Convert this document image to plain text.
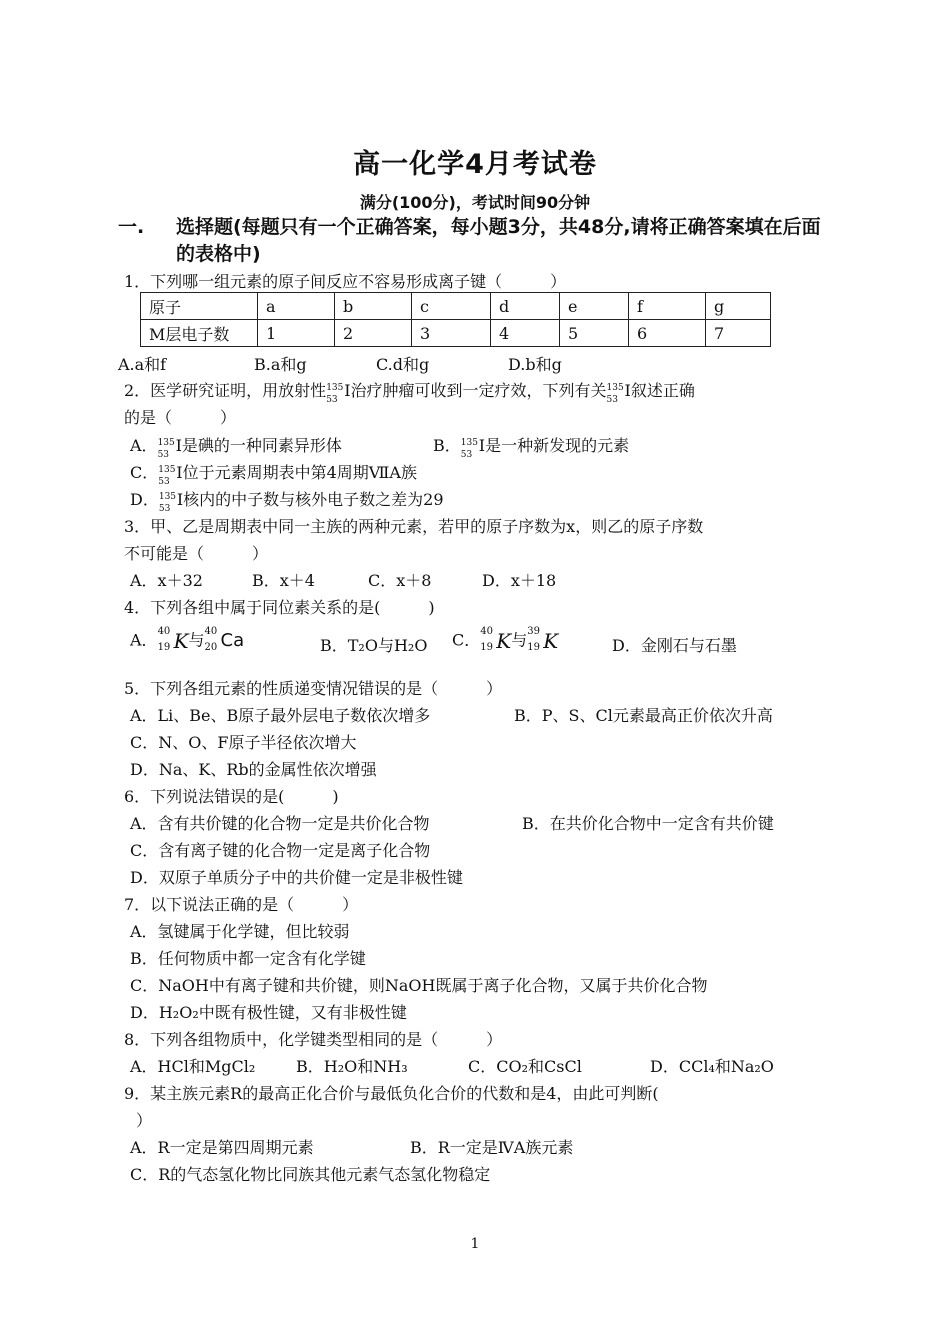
高一化学4月考试卷
满分(100分)，考试时间90分钟
一. 选择题(每题只有一个正确答案，每小题3分，共48分,请将正确答案填在后面的表格中)
1．下列哪一组元素的原子间反应不容易形成离子键（　　　）
原子	a	b	c	d	e	f	g
M层电子数	1	2	3	4	5	6	7
A.a和f	B.a和g	C.d和g	D.b和g
2．医学研究证明，用放射性 135
53 I治疗肿瘤可收到一定疗效，下列有关 135
53 I叙述正确
的是（　　　）
A． 135
53 I是碘的一种同素异形体	B． 135
53 I是一种新发现的元素
C． 135
53 I位于元素周期表中第4周期ⅦA族
D． 135
53 I核内的中子数与核外电子数之差为29
3．甲、乙是周期表中同一主族的两种元素，若甲的原子序数为x，则乙的原子序数
不可能是（　　　）
A．x＋32	B．x＋4	C．x＋8	D．x＋18
4．下列各组中属于同位素关系的是(　　　)
A． 40
19 K与 40
20 Ca	B．T₂O与H₂O C． 40
19 K与 39
19 K	D．金刚石与石墨
5．下列各组元素的性质递变情况错误的是（　　　）
A．Li、Be、B原子最外层电子数依次增多	B．P、S、Cl元素最高正价依次升高
C．N、O、F原子半径依次增大
D．Na、K、Rb的金属性依次增强
6．下列说法错误的是(　　　)
A．含有共价键的化合物一定是共价化合物	B．在共价化合物中一定含有共价键
C．含有离子键的化合物一定是离子化合物
D．双原子单质分子中的共价健一定是非极性键
7．以下说法正确的是（　　　）
A．氢键属于化学键，但比较弱
B．任何物质中都一定含有化学键
C．NaOH中有离子键和共价键，则NaOH既属于离子化合物，又属于共价化合物
D．H₂O₂中既有极性键，又有非极性键
8．下列各组物质中，化学键类型相同的是（　　　）
A．HCl和MgCl₂	B．H₂O和NH₃	C．CO₂和CsCl	D．CCl₄和Na₂O
9．某主族元素R的最高正化合价与最低负化合价的代数和是4，由此可判断(
）
A．R一定是第四周期元素	B．R一定是ⅣA族元素
C．R的气态氢化物比同族其他元素气态氢化物稳定
1
